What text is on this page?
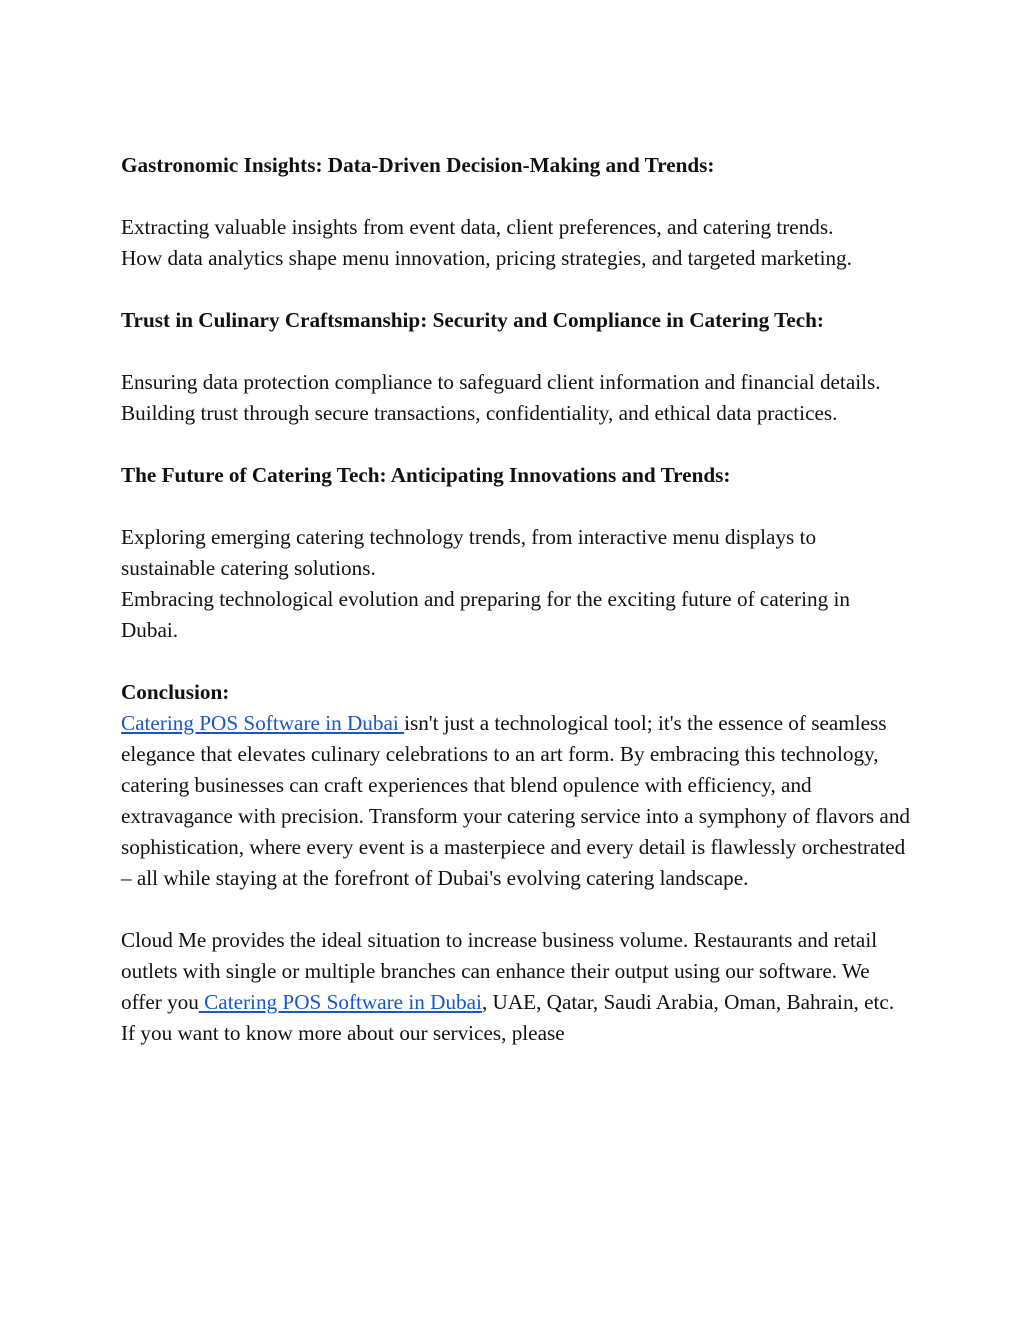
Gastronomic Insights: Data-Driven Decision-Making and Trends:

Extracting valuable insights from event data, client preferences, and catering trends.

How data analytics shape menu innovation, pricing strategies, and targeted marketing.

Trust in Culinary Craftsmanship: Security and Compliance in Catering Tech:

Ensuring data protection compliance to safeguard client information and financial details.

Building trust through secure transactions, confidentiality, and ethical data practices.

The Future of Catering Tech: Anticipating Innovations and Trends:

Exploring emerging catering technology trends, from interactive menu displays to sustainable catering solutions.

Embracing technological evolution and preparing for the exciting future of catering in Dubai.

Conclusion:

Catering POS Software in Dubai isn't just a technological tool; it's the essence of seamless elegance that elevates culinary celebrations to an art form. By embracing this technology, catering businesses can craft experiences that blend opulence with efficiency, and extravagance with precision. Transform your catering service into a symphony of flavors and sophistication, where every event is a masterpiece and every detail is flawlessly orchestrated – all while staying at the forefront of Dubai's evolving catering landscape.

Cloud Me provides the ideal situation to increase business volume. Restaurants and retail outlets with single or multiple branches can enhance their output using our software. We offer you Catering POS Software in Dubai, UAE, Qatar, Saudi Arabia, Oman, Bahrain, etc. If you want to know more about our services, please
